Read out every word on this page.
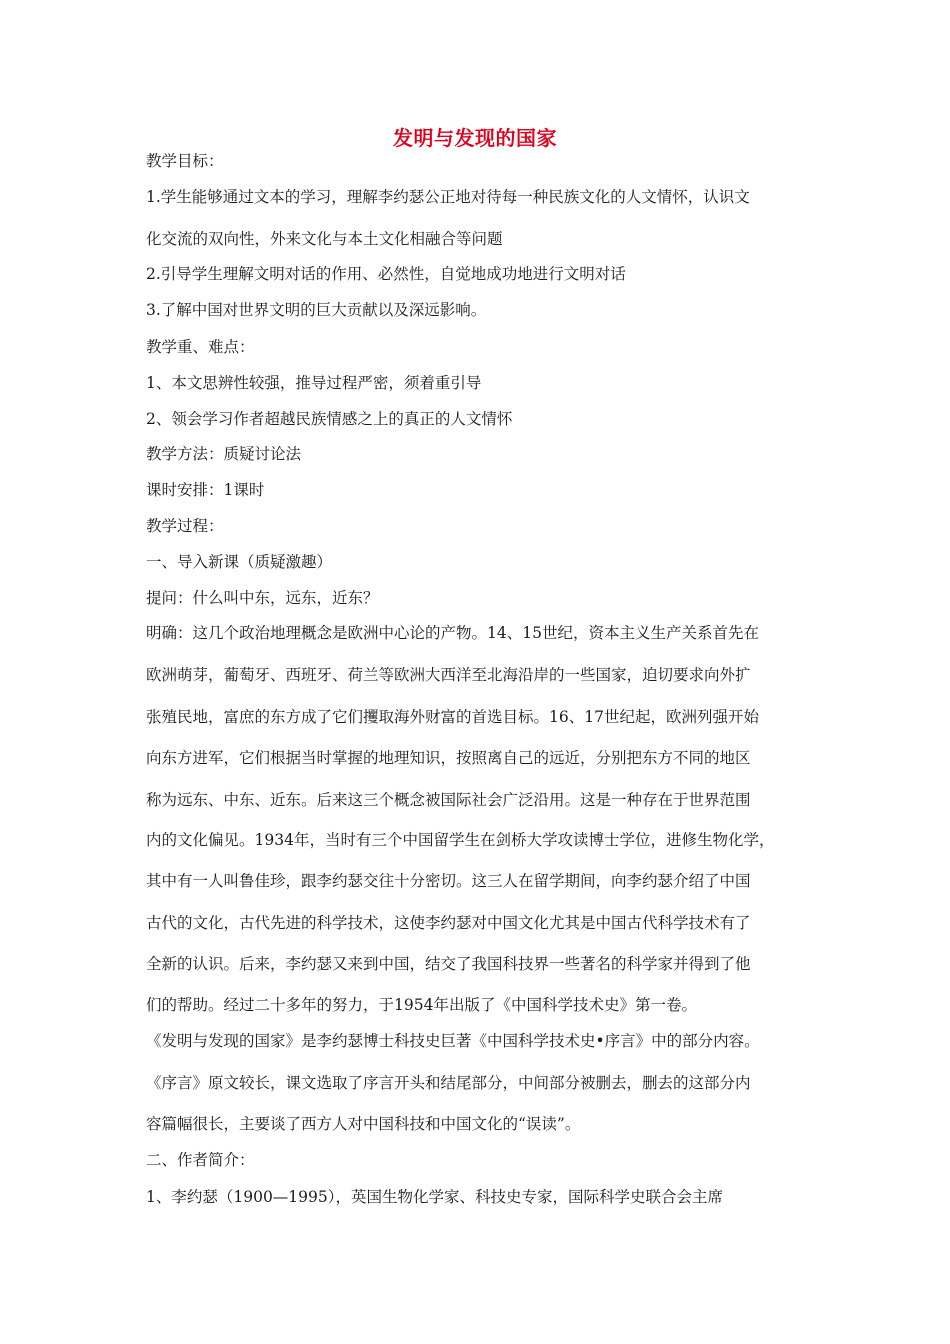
发明与发现的国家
教学目标：
1.学生能够通过文本的学习，理解李约瑟公正地对待每一种民族文化的人文情怀，认识文
化交流的双向性，外来文化与本土文化相融合等问题
2.引导学生理解文明对话的作用、必然性，自觉地成功地进行文明对话
3.了解中国对世界文明的巨大贡献以及深远影响。
教学重、难点：
1、本文思辨性较强，推导过程严密，须着重引导
2、领会学习作者超越民族情感之上的真正的人文情怀
教学方法：质疑讨论法
课时安排：1课时
教学过程：
一、导入新课（质疑激趣）
提问：什么叫中东，远东，近东？
明确：这几个政治地理概念是欧洲中心论的产物。14、15世纪，资本主义生产关系首先在
欧洲萌芽，葡萄牙、西班牙、荷兰等欧洲大西洋至北海沿岸的一些国家，迫切要求向外扩
张殖民地，富庶的东方成了它们攫取海外财富的首选目标。16、17世纪起，欧洲列强开始
向东方进军，它们根据当时掌握的地理知识，按照离自己的远近，分别把东方不同的地区
称为远东、中东、近东。后来这三个概念被国际社会广泛沿用。这是一种存在于世界范围
内的文化偏见。1934年，当时有三个中国留学生在剑桥大学攻读博士学位，进修生物化学，
其中有一人叫鲁佳珍，跟李约瑟交往十分密切。这三人在留学期间，向李约瑟介绍了中国
古代的文化，古代先进的科学技术，这使李约瑟对中国文化尤其是中国古代科学技术有了
全新的认识。后来，李约瑟又来到中国，结交了我国科技界一些著名的科学家并得到了他
们的帮助。经过二十多年的努力，于1954年出版了《中国科学技术史》第一卷。
《发明与发现的国家》是李约瑟博士科技史巨著《中国科学技术史•序言》中的部分内容。
《序言》原文较长，课文选取了序言开头和结尾部分，中间部分被删去，删去的这部分内
容篇幅很长，主要谈了西方人对中国科技和中国文化的“误读”。
二、作者简介：
1、李约瑟（1900—1995），英国生物化学家、科技史专家，国际科学史联合会主席
